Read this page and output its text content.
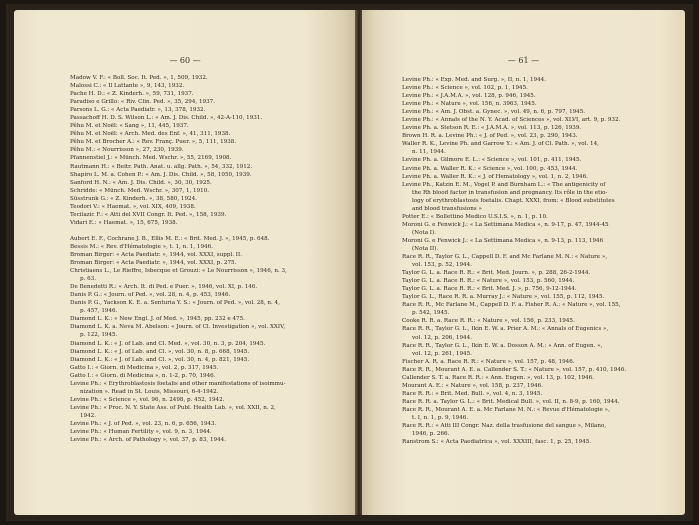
— 60 —
Madow V. F.: « Boll. Soc. It. Ped. », 1, 509, 1932.
Malossi C.: « Il Lattante », 9, 143, 1932.
Pache H. D.: « Z. Kinderh. », 59, 731, 1937.
Paradiso e Grillo: « Riv. Clin. Ped. », 35, 294, 1937.
Parsons L. G.: « Acta Paediatr. », 13, 378, 1932.
Passachoff H. D. S. Wilson L.: « Am. J. Dis. Child. », 42-A-110, 1931.
Pêhu M. et Noël: « Sang », 11, 445, 1937.
Pêhu M. et Noël: « Arch. Med. des Enf. », 41, 311, 1938.
Pêhu M. et Brocher A.: « Rev. Franç. Puer. », 5, 111, 1938.
Pêhu M.: « Nourrisson », 27, 230, 1939.
Pfannenstiel J.: « Münch. Med. Wschr. », 55, 2169, 1908.
Rautmann H.: « Beitr. Path. Anat. u. allg. Path. », 54, 332, 1912.
Shapiro L. M. a. Cohen P.: « Am. J. Dis. Child. », 58, 1050, 1939.
Sanford H. N.: « Am. J. Dis. Child. », 30, 30, 1925.
Schridde: « Münch. Med. Wschr. », 307, 1, 1910.
Süsstrunk G.: « Z. Kinderh. », 38, 580, 1924.
Teodori V.: « Haemat. », vol. XIX, 409, 1938.
Tecilazic F.: « Atti del XVII Congr. It. Ped. », 158, 1939.
Vidari E.: « Haemat. », 15, 675, 1938.
Aubert E. F., Cochrane J. B., Ellis M. E.: « Brit. Med. J. », 1945, p. 648.
Bessis M.: « Rev. d'Hématologie », t. 1, n. 1, 1946.
Broman Birger: « Acta Paediatr. », 1944, vol. XXXI, suppl. II.
Broman Birger: « Acta Paediatr. », 1944, vol. XXXI, p. 275.
Christiaens L., Le Rieffre, Isbecque et Grouzi: « Le Nourrisson », 1946, n. 3,
p. 63.
De Benedetti R.: « Arch. It. di Ped. e Puer. », 1946, vol. XI, p. 146.
Danis P. G.: « Journ. of Ped. », vol. 28, n. 4, p. 453, 1946.
Danis P. G., Yackson K. E. a. Senturia Y. S.: « Journ. of Ped. », vol. 28, n. 4,
p. 457, 1946.
Diamond L. K.: « New Engl. J. of Med. », 1945, pp. 232 e 475.
Diamond L. K. a. Neva M. Abelson: « Journ. of Cl. Investigation », vol. XXIV,
p. 122, 1945.
Diamond L. K.: « J. of Lab. and Cl. Med. », vol. 30, n. 3, p. 204, 1945.
Diamond L. K.: « J. of Lab. and Cl. », vol. 30, n. 8, p. 668, 1945.
Diamond L. K.: « J. of Lab. and Cl. », vol. 30, n. 4, p. 821, 1945.
Gatto I.: « Giorn. di Medicina », vol. 2, p. 317, 1945.
Gatto I.: « Giorn. di Medicina », n. 1-2, p. 70, 1946.
Levine Ph.: « Erythroblastosis foetalis and other manifestations of isoimmu-
nization ». Read in St. Louis, Missouri, 6-4-1942.
Levine Ph.: « Science », vol. 96, n. 2498, p. 452, 1942.
Levine Ph.: « Proc. N. Y. State Ass. of Publ. Health Lab. », vol. XXII, n. 2,
1942.
Levine Ph.: « J. of Ped. », vol. 23, n. 6, p. 656, 1943.
Levine Ph.: « Human Fertility », vol. 9, n. 3, 1944.
Levine Ph.: « Arch. of Pathology », vol. 37, p. 83, 1944.
— 61 —
Levine Ph.: « Exp. Med. and Surg. », II, n. 1, 1944.
Levine Ph.: « Science », vol. 102, p. 1, 1945.
Levine Ph.: « J.A.M.A. », vol. 128, p. 946, 1945.
Levine Ph.: « Nature », vol. 156, n. 3963, 1945.
Levine Ph.: « Am. J. Obst. a. Gynec. », vol. 49, n. 6, p. 797, 1945.
Levine Ph.: « Annals of the N. Y. Acad. of Sciences », vol. XLVI, art. 9, p. 932.
Levine Ph. a. Stetson R. E.: « J.A.M.A. », vol. 113, p. 126, 1939.
Brown H. R. a. Levine Ph.: « J. of Ped. », vol. 23, p. 290, 1943.
Waller R. K., Levine Ph. and Garrow Y.: « Am. J. of Cl. Path. », vol. 14,
n. 11, 1944.
Levine Ph. a. Gilmore E. L.: « Science », vol. 101, p. 411, 1945.
Levine Ph. a. Waller R. K.: « Science », vol. 100, p. 453, 1944.
Levine Ph. a. Waller R. K.: « J. of Hematology », vol. 1, n. 2, 1946.
Levine Ph., Katzin E. M., Vogel P. and Burnham L.: « The antigenicity of
the Rh blood factor in transfusion and pregnancy. Its rôle in the etio-
logy of erythroblastosis foetalis. Chapt. XXXI, from: « Blood substitutes
and blood transfusions »
Potter E.: « Bollettino Medico U.S.I.S. », n. 1, p. 10.
Moroni G. e Fenwick J.: « La Settimana Medica », n. 9-17, p. 47, 1944-45
(Nota I).
Moroni G. e Fenwick J.: « La Settimana Medica », n. 9-13, p. 113, 1946
(Nota II).
Race R. R., Taylor G. L., Cappell D. F. and Mc Farlane M. N.: « Nature »,
vol. 153, p. 52, 1944.
Taylor G. L. a. Race R. R.: « Brit. Med. Journ. », p. 288, 26-2-1944.
Taylor G. L. a. Race R. R.: « Nature », vol. 153, p. 560, 1944.
Taylor G. L. a. Race R. R.: « Brit. Med. J. », p. 756, 9-12-1944.
Taylor G. L., Race R. R. a. Murray J.: « Nature », vol. 155, p. 112, 1945.
Race R. R., Mc Farlane M., Cappell D. F. a. Fisher R. A.: « Nature », vol. 155,
p. 542, 1945.
Cooke R. R. a. Race R. R.: « Nature », vol. 156, p. 233, 1945.
Race R. R., Taylor G. L., Ikin E. W. a. Prier A. M.: « Annals of Eugenics »,
vol. 12, p. 206, 1944.
Race R. R., Taylor G. L., Ikin E. W. a. Dosson A. M.: « Ann. of Eugen. »,
vol. 12, p. 261, 1945.
Fischer A. R. a. Race R. R.: « Nature », vol. 157, p. 48, 1946.
Race R. R., Mourant A. E. a. Callender S. T.: « Nature », vol. 157, p. 410, 1946.
Callender S. T. a. Race R. R.: « Ann. Eugen. », vol. 13, p. 102, 1946.
Mourant A. E.: « Nature », vol. 158, p. 237, 1946.
Race R. R.: « Brit. Med. Bull. », vol. 4, n. 3, 1945.
Race R. R. a. Taylor G. L.: « Brit. Medical Bull. », vol. II, n. 8-9, p. 160, 1944.
Race R. R., Mourant A. E. a. Mc Farlane M. N.: « Revue d'Hématologie »,
t. I, n. 1, p. 9, 1946.
Race R. R.: « Atti III Congr. Naz. della trasfusione del sangue », Milano,
1946, p. 266.
Ranstrom S.: « Acta Paediatrica », vol. XXXIII, fasc. 1, p. 25, 1945.
